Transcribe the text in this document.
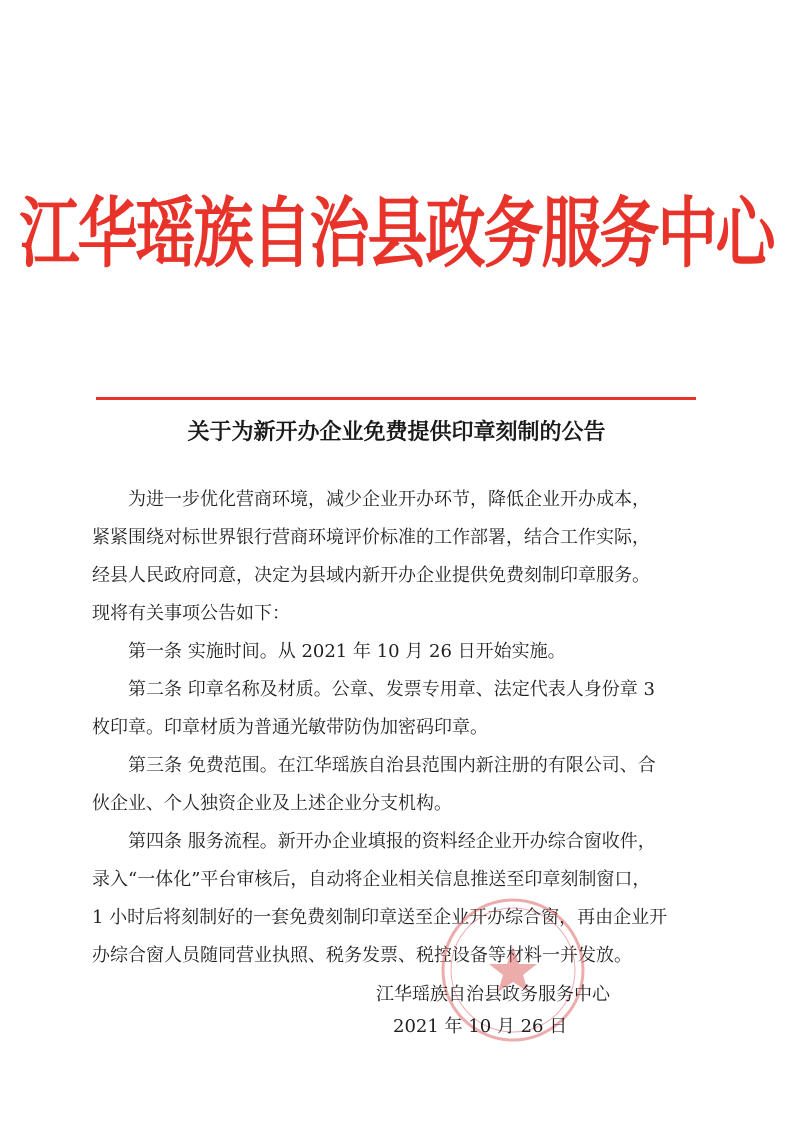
江华瑶族自治县政务服务中心
关于为新开办企业免费提供印章刻制的公告
为进一步优化营商环境，减少企业开办环节，降低企业开办成本，
紧紧围绕对标世界银行营商环境评价标准的工作部署，结合工作实际，
经县人民政府同意，决定为县域内新开办企业提供免费刻制印章服务。
现将有关事项公告如下：
第一条 实施时间。从 2021 年 10 月 26 日开始实施。
第二条 印章名称及材质。公章、发票专用章、法定代表人身份章 3
枚印章。印章材质为普通光敏带防伪加密码印章。
第三条 免费范围。在江华瑶族自治县范围内新注册的有限公司、合
伙企业、个人独资企业及上述企业分支机构。
第四条 服务流程。新开办企业填报的资料经企业开办综合窗收件，
录入“一体化”平台审核后，自动将企业相关信息推送至印章刻制窗口，
1 小时后将刻制好的一套免费刻制印章送至企业开办综合窗，再由企业开
办综合窗人员随同营业执照、税务发票、税控设备等材料一并发放。
江华瑶族自治县政务服务中心
2021 年 10 月 26 日
